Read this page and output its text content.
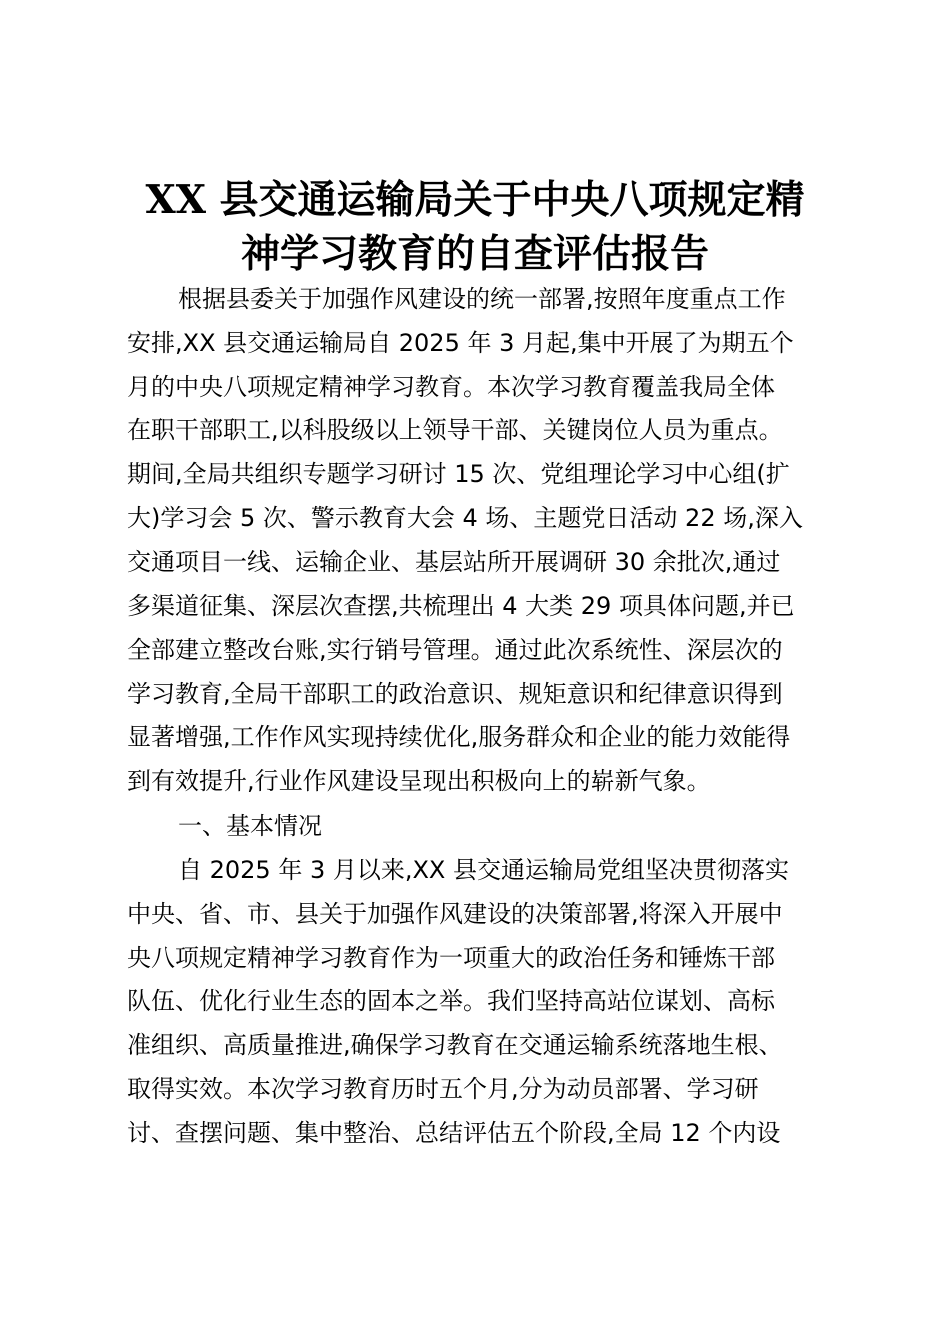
XX 县交通运输局关于中央八项规定精
神学习教育的自查评估报告
根据县委关于加强作风建设的统一部署,按照年度重点工作
安排,XX 县交通运输局自 2025 年 3 月起,集中开展了为期五个
月的中央八项规定精神学习教育。本次学习教育覆盖我局全体
在职干部职工,以科股级以上领导干部、关键岗位人员为重点。
期间,全局共组织专题学习研讨 15 次、党组理论学习中心组(扩
大)学习会 5 次、警示教育大会 4 场、主题党日活动 22 场,深入
交通项目一线、运输企业、基层站所开展调研 30 余批次,通过
多渠道征集、深层次查摆,共梳理出 4 大类 29 项具体问题,并已
全部建立整改台账,实行销号管理。通过此次系统性、深层次的
学习教育,全局干部职工的政治意识、规矩意识和纪律意识得到
显著增强,工作作风实现持续优化,服务群众和企业的能力效能得
到有效提升,行业作风建设呈现出积极向上的崭新气象。
一、基本情况
自 2025 年 3 月以来,XX 县交通运输局党组坚决贯彻落实
中央、省、市、县关于加强作风建设的决策部署,将深入开展中
央八项规定精神学习教育作为一项重大的政治任务和锤炼干部
队伍、优化行业生态的固本之举。我们坚持高站位谋划、高标
准组织、高质量推进,确保学习教育在交通运输系统落地生根、
取得实效。本次学习教育历时五个月,分为动员部署、学习研
讨、查摆问题、集中整治、总结评估五个阶段,全局 12 个内设
